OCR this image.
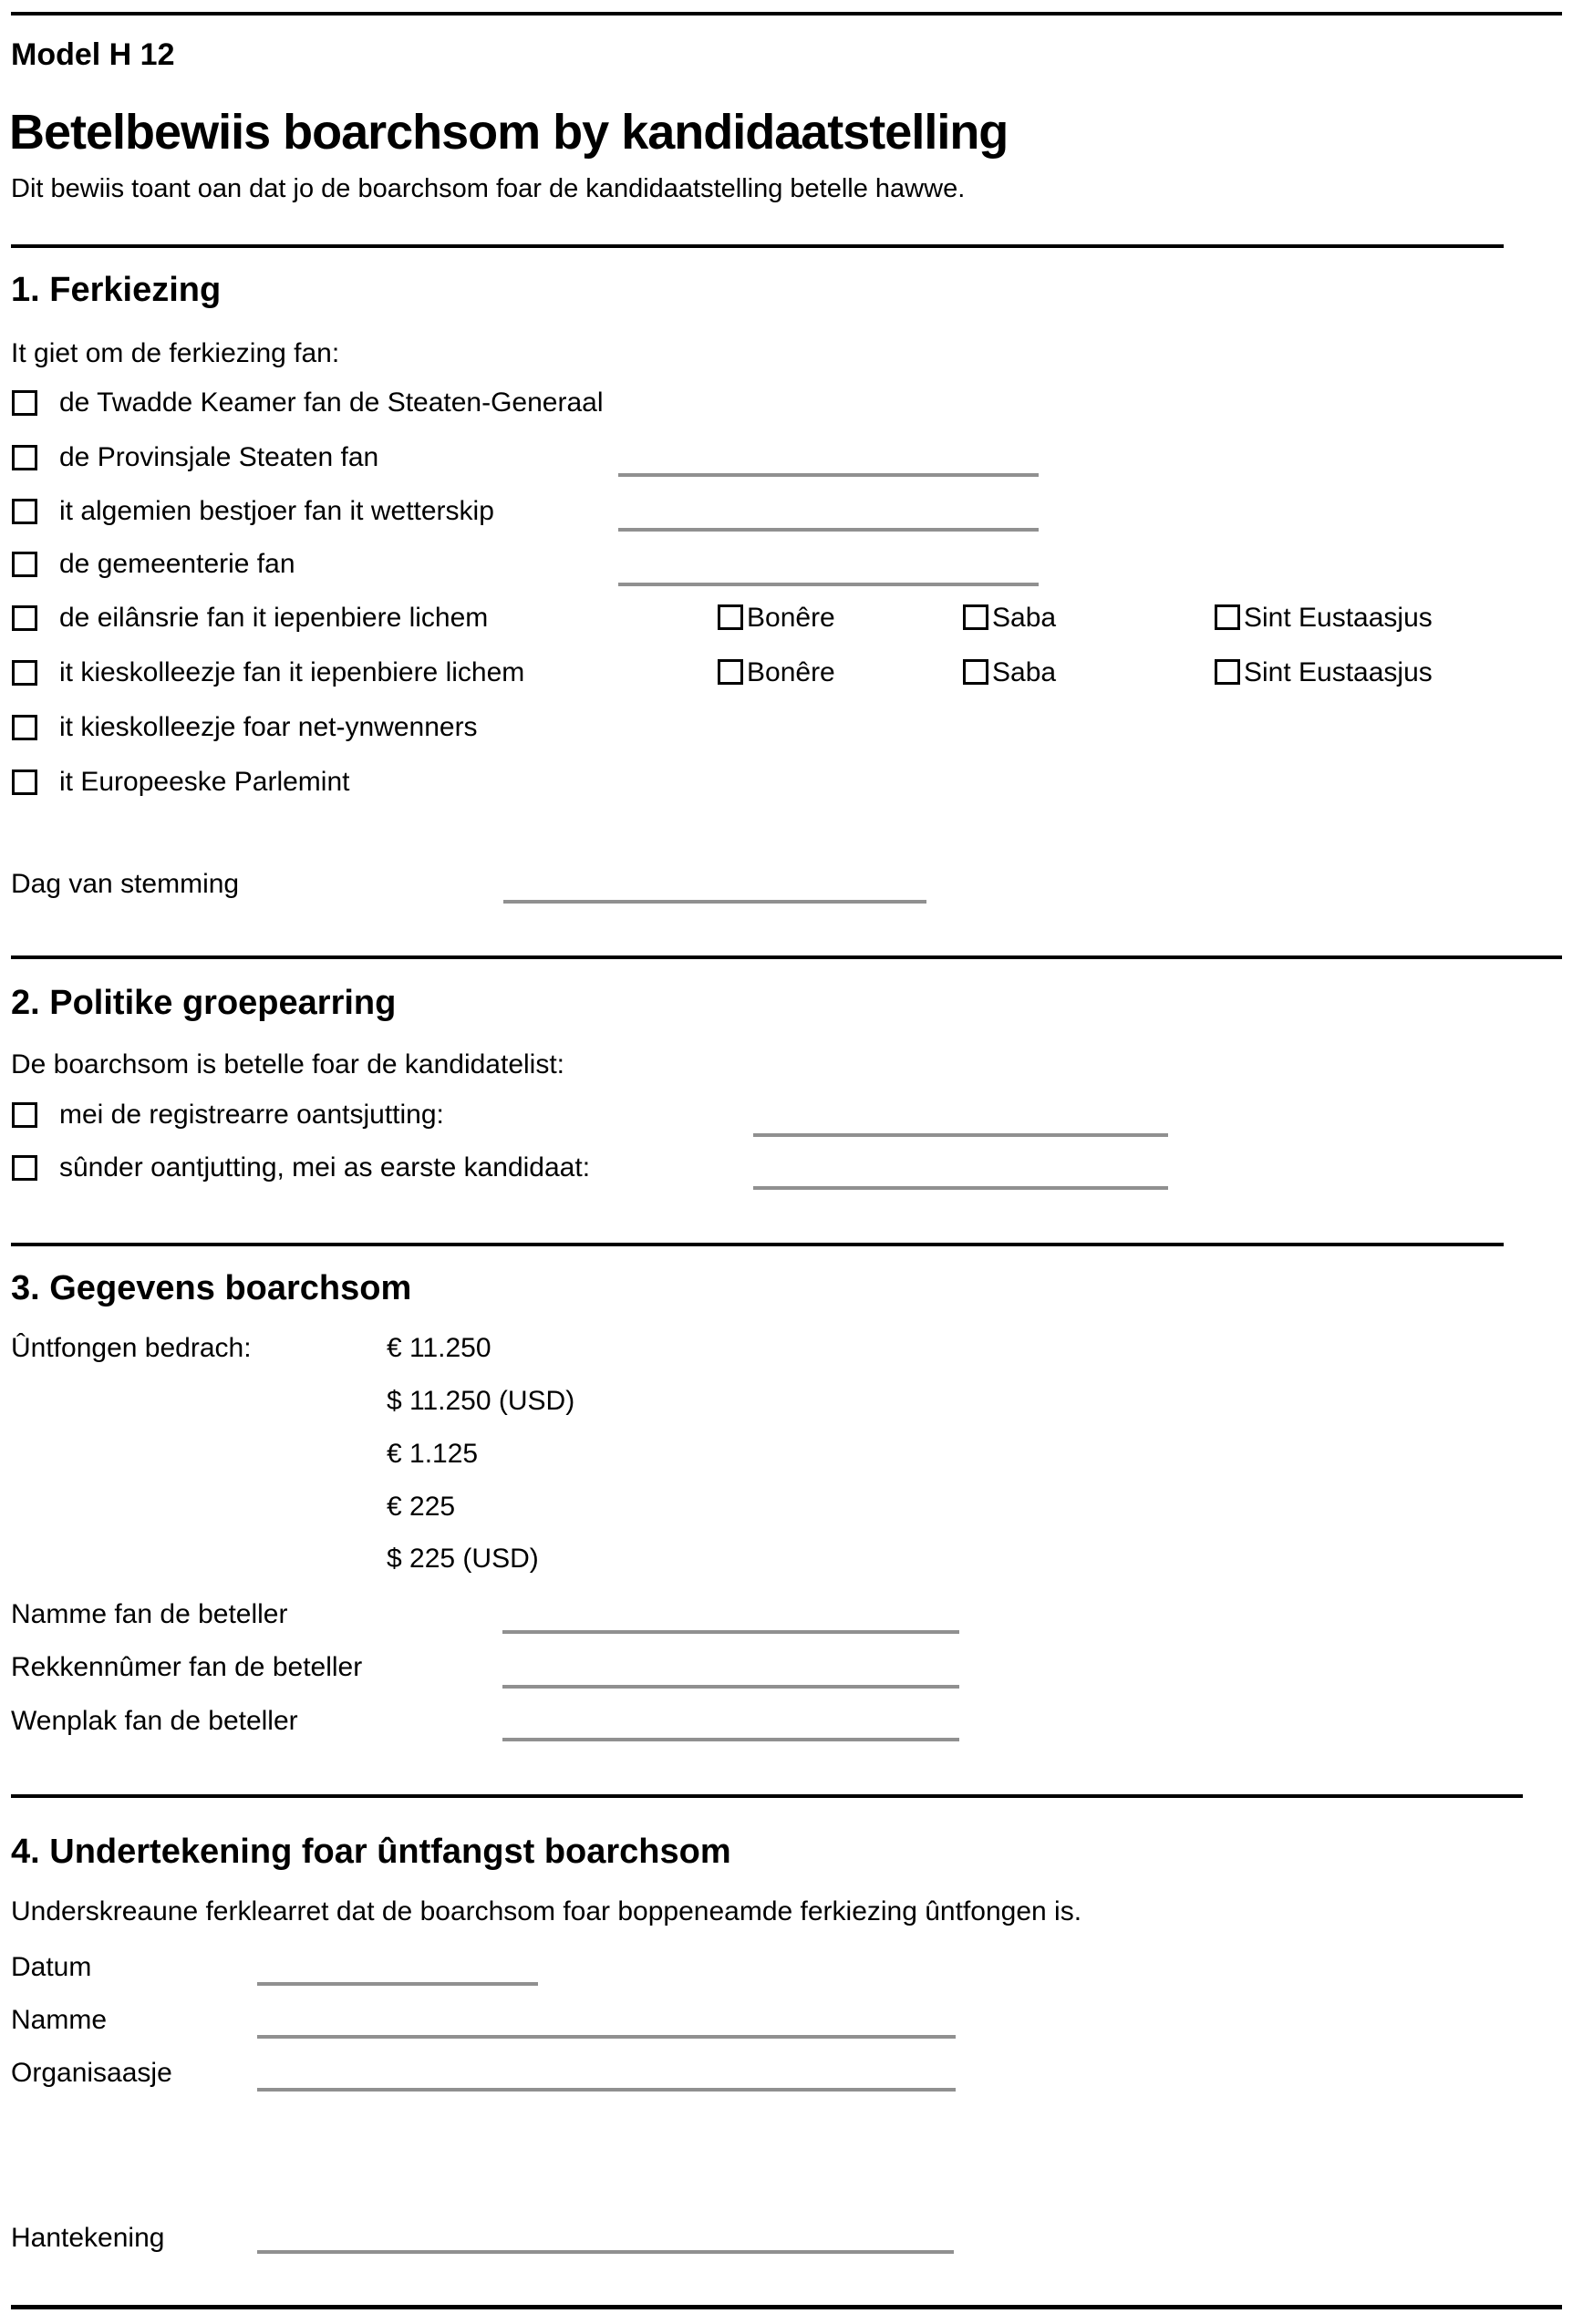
Model H 12
Betelbewiis boarchsom by kandidaatstelling
Dit bewiis toant oan dat jo de boarchsom foar de kandidaatstelling betelle hawwe.
1. Ferkiezing
It giet om de ferkiezing fan:
de Twadde Keamer fan de Steaten-Generaal
de Provinsjale Steaten fan
it algemien bestjoer fan it wetterskip
de gemeenterie fan
de eilânsrie fan it iepenbiere lichem	Bonêre	Saba	Sint Eustaasjus
it kieskolleezje fan it iepenbiere lichem	Bonêre	Saba	Sint Eustaasjus
it kieskolleezje foar net-ynwenners
it Europeeske Parlemint
Dag van stemming
2. Politike groepearring
De boarchsom is betelle foar de kandidatelist:
mei de registrearre oantsjutting:
sûnder oantjutting, mei as earste kandidaat:
3. Gegevens boarchsom
Ûntfongen bedrach:	€ 11.250
$ 11.250 (USD)
€ 1.125
€ 225
$ 225 (USD)
Namme fan de beteller
Rekkennûmer fan de beteller
Wenplak fan de beteller
4. Undertekening foar ûntfangst boarchsom
Underskreaune ferklearret dat de boarchsom foar boppeneamde ferkiezing ûntfongen is.
Datum
Namme
Organisaasje
Hantekening
